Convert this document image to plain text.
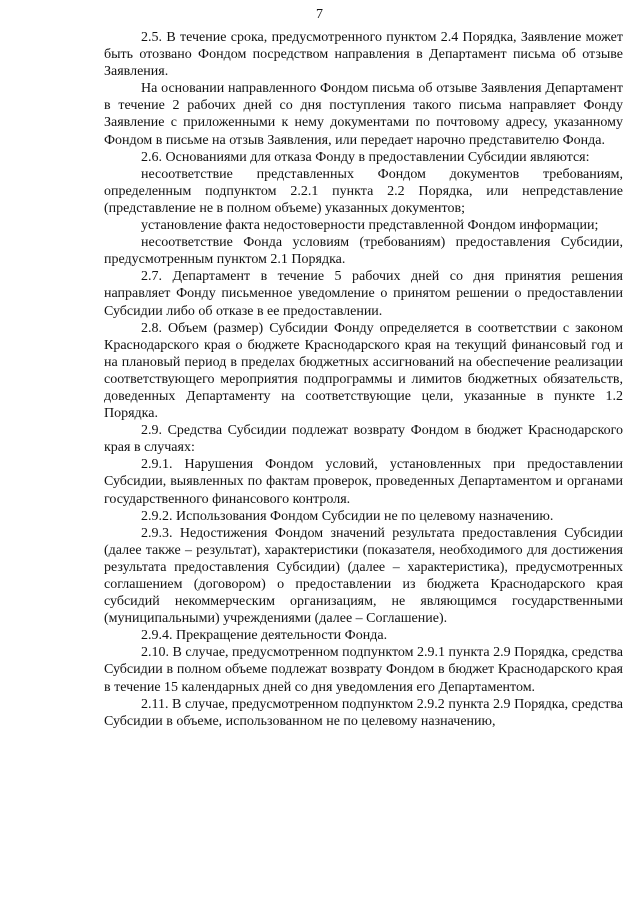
7

2.5. В течение срока, предусмотренного пунктом 2.4 Порядка, Заявление может быть отозвано Фондом посредством направления в Департамент письма об отзыве Заявления.

На основании направленного Фондом письма об отзыве Заявления Департамент в течение 2 рабочих дней со дня поступления такого письма направляет Фонду Заявление с приложенными к нему документами по почтовому адресу, указанному Фондом в письме на отзыв Заявления, или передает нарочно представителю Фонда.

2.6. Основаниями для отказа Фонду в предоставлении Субсидии являются:

несоответствие представленных Фондом документов требованиям, определенным подпунктом 2.2.1 пункта 2.2 Порядка, или непредставление (представление не в полном объеме) указанных документов;

установление факта недостоверности представленной Фондом информации;

несоответствие Фонда условиям (требованиям) предоставления Субсидии, предусмотренным пунктом 2.1 Порядка.

2.7. Департамент в течение 5 рабочих дней со дня принятия решения направляет Фонду письменное уведомление о принятом решении о предоставлении Субсидии либо об отказе в ее предоставлении.

2.8. Объем (размер) Субсидии Фонду определяется в соответствии с законом Краснодарского края о бюджете Краснодарского края на текущий финансовый год и на плановый период в пределах бюджетных ассигнований на обеспечение реализации соответствующего мероприятия подпрограммы и лимитов бюджетных обязательств, доведенных Департаменту на соответствующие цели, указанные в пункте 1.2 Порядка.

2.9. Средства Субсидии подлежат возврату Фондом в бюджет Краснодарского края в случаях:

2.9.1. Нарушения Фондом условий, установленных при предоставлении Субсидии, выявленных по фактам проверок, проведенных Департаментом и органами государственного финансового контроля.

2.9.2. Использования Фондом Субсидии не по целевому назначению.

2.9.3. Недостижения Фондом значений результата предоставления Субсидии (далее также – результат), характеристики (показателя, необходимого для достижения результата предоставления Субсидии) (далее – характеристика), предусмотренных соглашением (договором) о предоставлении из бюджета Краснодарского края субсидий некоммерческим организациям, не являющимся государственными (муниципальными) учреждениями (далее – Соглашение).

2.9.4. Прекращение деятельности Фонда.

2.10. В случае, предусмотренном подпунктом 2.9.1 пункта 2.9 Порядка, средства Субсидии в полном объеме подлежат возврату Фондом в бюджет Краснодарского края в течение 15 календарных дней со дня уведомления его Департаментом.

2.11. В случае, предусмотренном подпунктом 2.9.2 пункта 2.9 Порядка, средства Субсидии в объеме, использованном не по целевому назначению,
